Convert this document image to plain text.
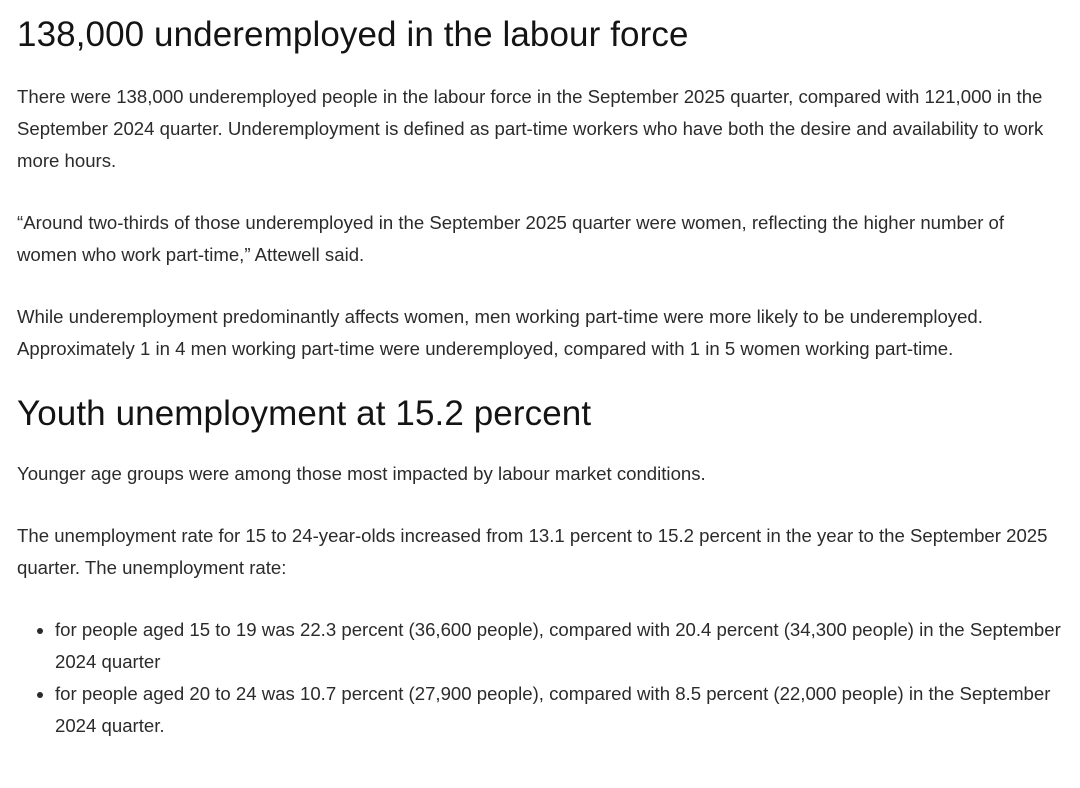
138,000 underemployed in the labour force

There were 138,000 underemployed people in the labour force in the September 2025 quarter, compared with 121,000 in the September 2024 quarter. Underemployment is defined as part-time workers who have both the desire and availability to work more hours.

“Around two-thirds of those underemployed in the September 2025 quarter were women, reflecting the higher number of women who work part-time,” Attewell said.

While underemployment predominantly affects women, men working part-time were more likely to be underemployed. Approximately 1 in 4 men working part-time were underemployed, compared with 1 in 5 women working part-time.

Youth unemployment at 15.2 percent

Younger age groups were among those most impacted by labour market conditions.

The unemployment rate for 15 to 24-year-olds increased from 13.1 percent to 15.2 percent in the year to the September 2025 quarter. The unemployment rate:

• for people aged 15 to 19 was 22.3 percent (36,600 people), compared with 20.4 percent (34,300 people) in the September 2024 quarter
• for people aged 20 to 24 was 10.7 percent (27,900 people), compared with 8.5 percent (22,000 people) in the September 2024 quarter.
